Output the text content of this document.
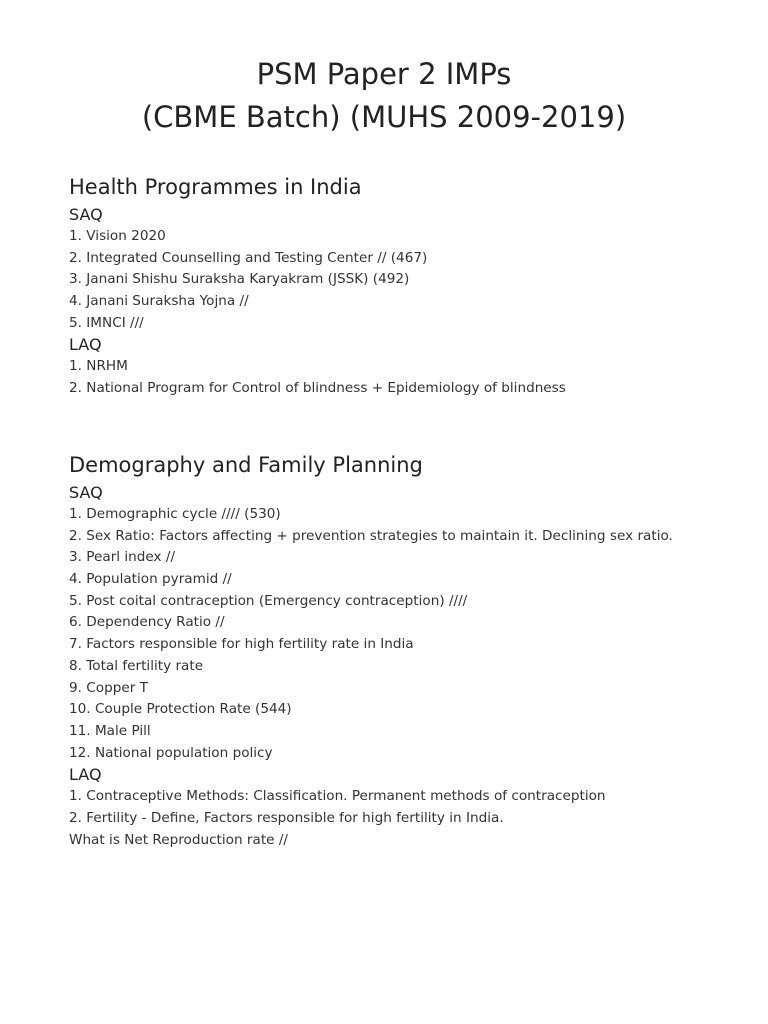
PSM Paper 2 IMPs
(CBME Batch) (MUHS 2009-2019)
Health Programmes in India
SAQ
1. Vision 2020
2. Integrated Counselling and Testing Center // (467)
3. Janani Shishu Suraksha Karyakram (JSSK) (492)
4. Janani Suraksha Yojna //
5. IMNCI ///
LAQ
1. NRHM
2. National Program for Control of blindness + Epidemiology of blindness
Demography and Family Planning
SAQ
1. Demographic cycle //// (530)
2. Sex Ratio: Factors affecting + prevention strategies to maintain it. Declining sex ratio.
3. Pearl index //
4. Population pyramid //
5. Post coital contraception (Emergency contraception) ////
6. Dependency Ratio //
7. Factors responsible for high fertility rate in India
8. Total fertility rate
9. Copper T
10. Couple Protection Rate (544)
11. Male Pill
12. National population policy
LAQ
1. Contraceptive Methods: Classification. Permanent methods of contraception
2. Fertility - Define, Factors responsible for high fertility in India.
What is Net Reproduction rate //
